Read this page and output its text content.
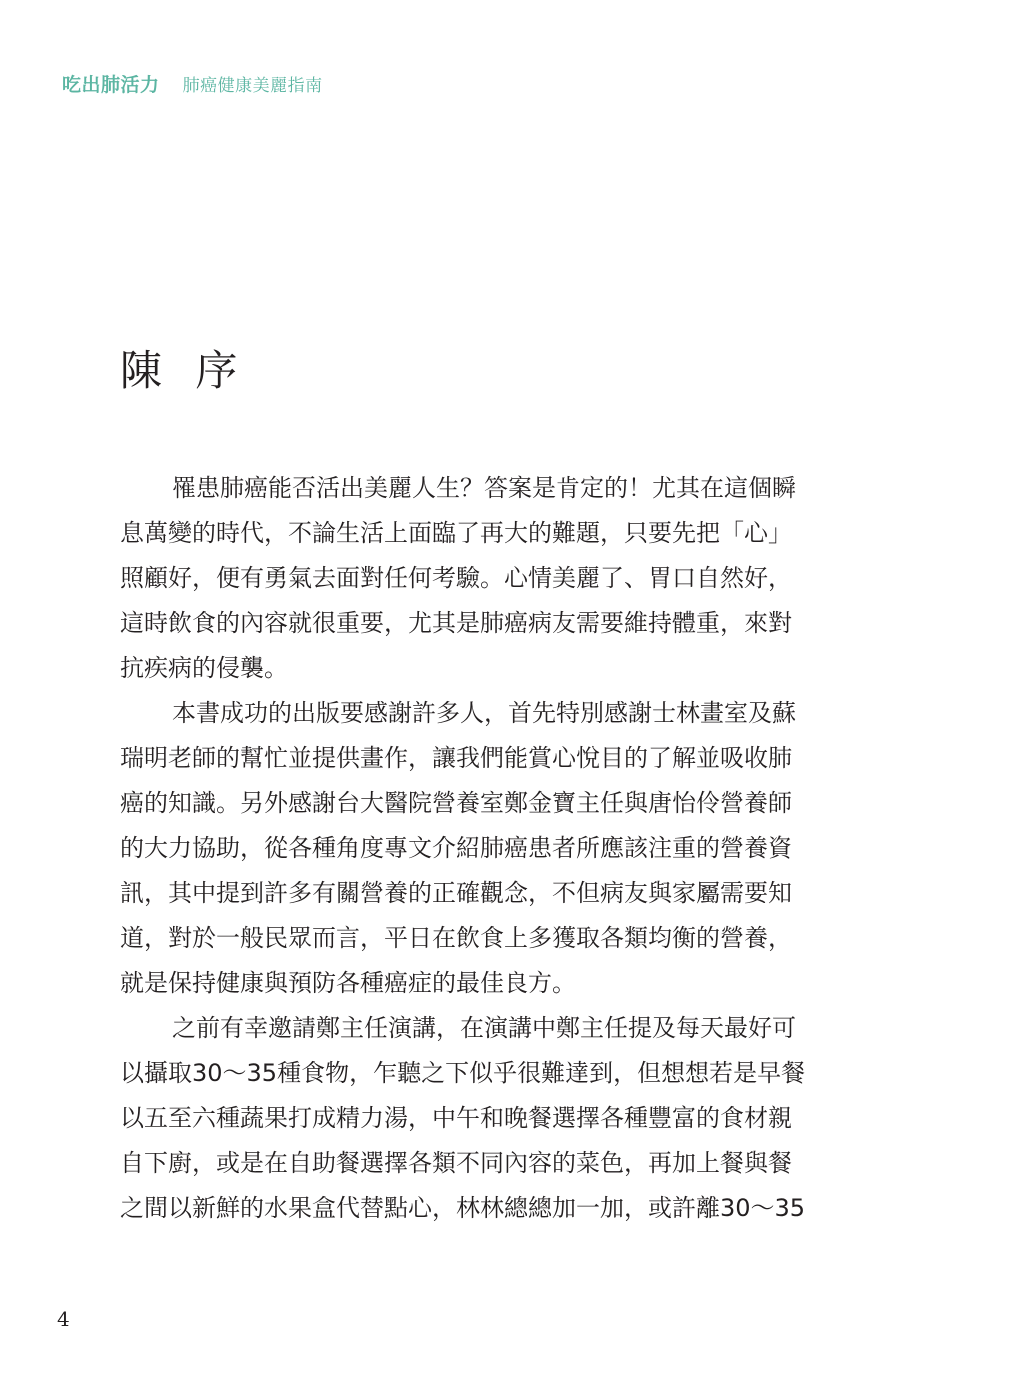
吃出肺活力 肺癌健康美麗指南
陳 序
罹患肺癌能否活出美麗人生？答案是肯定的！尤其在這個瞬
息萬變的時代，不論生活上面臨了再大的難題，只要先把「心」
照顧好，便有勇氣去面對任何考驗。心情美麗了、胃口自然好，
這時飲食的內容就很重要，尤其是肺癌病友需要維持體重，來對
抗疾病的侵襲。
本書成功的出版要感謝許多人，首先特別感謝士林畫室及蘇
瑞明老師的幫忙並提供畫作，讓我們能賞心悅目的了解並吸收肺
癌的知識。另外感謝台大醫院營養室鄭金寶主任與唐怡伶營養師
的大力協助，從各種角度專文介紹肺癌患者所應該注重的營養資
訊，其中提到許多有關營養的正確觀念，不但病友與家屬需要知
道，對於一般民眾而言，平日在飲食上多獲取各類均衡的營養，
就是保持健康與預防各種癌症的最佳良方。
之前有幸邀請鄭主任演講，在演講中鄭主任提及每天最好可
以攝取30～35種食物，乍聽之下似乎很難達到，但想想若是早餐
以五至六種蔬果打成精力湯，中午和晚餐選擇各種豐富的食材親
自下廚，或是在自助餐選擇各類不同內容的菜色，再加上餐與餐
之間以新鮮的水果盒代替點心，林林總總加一加，或許離30～35
4
